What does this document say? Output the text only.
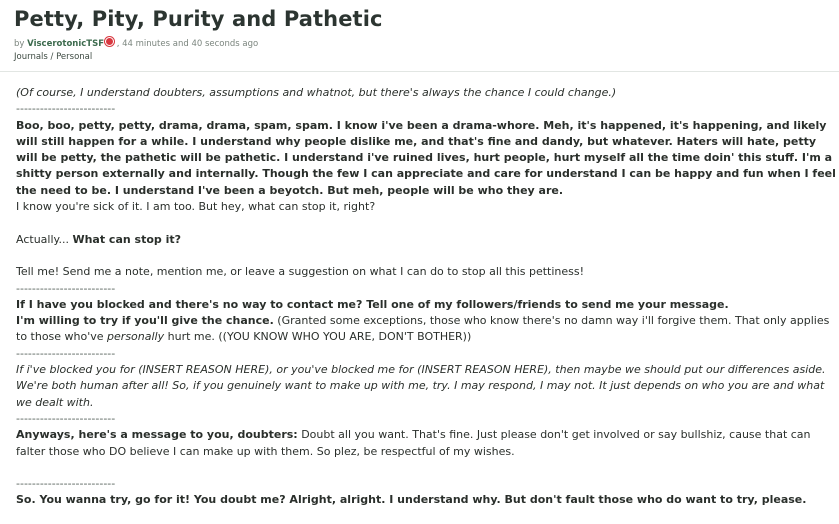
Petty, Pity, Purity and Pathetic
by ViscerotonicTSF , 44 minutes and 40 seconds ago
Journals / Personal

(Of course, I understand doubters, assumptions and whatnot, but there's always the chance I could change.)

-------------------------

Boo, boo, petty, petty, drama, drama, spam, spam. I know i've been a drama-whore. Meh, it's happened, it's happening, and likely will still happen for a while. I understand why people dislike me, and that's fine and dandy, but whatever. Haters will hate, petty will be petty, the pathetic will be pathetic. I understand i've ruined lives, hurt people, hurt myself all the time doin' this stuff. I'm a shitty person externally and internally. Though the few I can appreciate and care for understand I can be happy and fun when I feel the need to be. I understand I've been a beyotch. But meh, people will be who they are.

I know you're sick of it. I am too. But hey, what can stop it, right?

Actually... What can stop it?

Tell me! Send me a note, mention me, or leave a suggestion on what I can do to stop all this pettiness!

-------------------------

If I have you blocked and there's no way to contact me? Tell one of my followers/friends to send me your message.

I'm willing to try if you'll give the chance. (Granted some exceptions, those who know there's no damn way i'll forgive them. That only applies to those who've personally hurt me. ((YOU KNOW WHO YOU ARE, DON'T BOTHER))

-------------------------

If i've blocked you for (INSERT REASON HERE), or you've blocked me for (INSERT REASON HERE), then maybe we should put our differences aside. We're both human after all! So, if you genuinely want to make up with me, try. I may respond, I may not. It just depends on who you are and what we dealt with.

-------------------------

Anyways, here's a message to you, doubters: Doubt all you want. That's fine. Just please don't get involved or say bullshiz, cause that can falter those who DO believe I can make up with them. So plez, be respectful of my wishes.

-------------------------

So. You wanna try, go for it! You doubt me? Alright, alright. I understand why. But don't fault those who do want to try, please.
